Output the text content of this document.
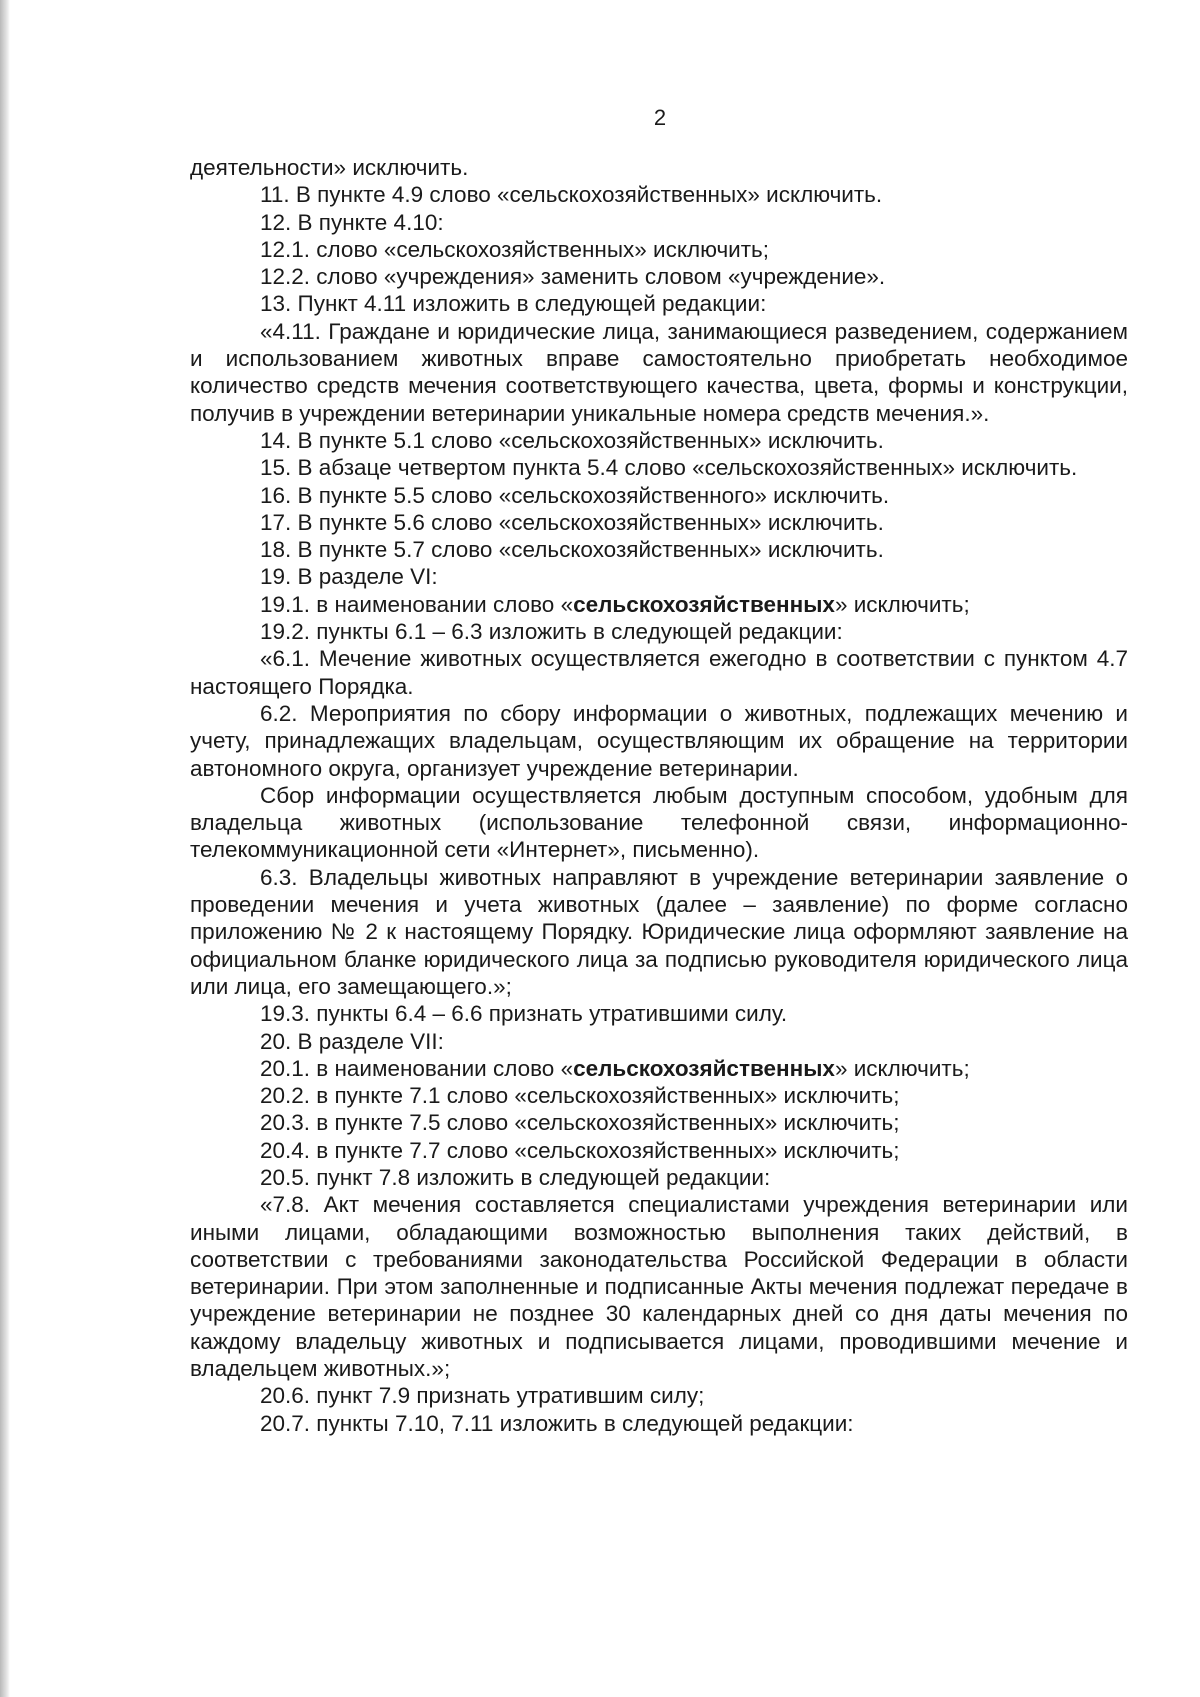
2

деятельности» исключить.

11. В пункте 4.9 слово «сельскохозяйственных» исключить.

12. В пункте 4.10:

12.1. слово «сельскохозяйственных» исключить;

12.2. слово «учреждения» заменить словом «учреждение».

13. Пункт 4.11 изложить в следующей редакции:

«4.11. Граждане и юридические лица, занимающиеся разведением, содержанием и использованием животных вправе самостоятельно приобретать необходимое количество средств мечения соответствующего качества, цвета, формы и конструкции, получив в учреждении ветеринарии уникальные номера средств мечения.».

14. В пункте 5.1 слово «сельскохозяйственных» исключить.

15. В абзаце четвертом пункта 5.4 слово «сельскохозяйственных» исключить.

16. В пункте 5.5 слово «сельскохозяйственного» исключить.

17. В пункте 5.6 слово «сельскохозяйственных» исключить.

18. В пункте 5.7 слово «сельскохозяйственных» исключить.

19. В разделе VI:

19.1. в наименовании слово «сельскохозяйственных» исключить;

19.2. пункты 6.1 – 6.3 изложить в следующей редакции:

«6.1. Мечение животных осуществляется ежегодно в соответствии с пунктом 4.7 настоящего Порядка.

6.2. Мероприятия по сбору информации о животных, подлежащих мечению и учету, принадлежащих владельцам, осуществляющим их обращение на территории автономного округа, организует учреждение ветеринарии.

Сбор информации осуществляется любым доступным способом, удобным для владельца животных (использование телефонной связи, информационно-телекоммуникационной сети «Интернет», письменно).

6.3. Владельцы животных направляют в учреждение ветеринарии заявление о проведении мечения и учета животных (далее – заявление) по форме согласно приложению № 2 к настоящему Порядку. Юридические лица оформляют заявление на официальном бланке юридического лица за подписью руководителя юридического лица или лица, его замещающего.»;

19.3. пункты 6.4 – 6.6 признать утратившими силу.

20. В разделе VII:

20.1. в наименовании слово «сельскохозяйственных» исключить;

20.2. в пункте 7.1 слово «сельскохозяйственных» исключить;

20.3. в пункте 7.5 слово «сельскохозяйственных» исключить;

20.4. в пункте 7.7 слово «сельскохозяйственных» исключить;

20.5. пункт 7.8 изложить в следующей редакции:

«7.8. Акт мечения составляется специалистами учреждения ветеринарии или иными лицами, обладающими возможностью выполнения таких действий, в соответствии с требованиями законодательства Российской Федерации в области ветеринарии. При этом заполненные и подписанные Акты мечения подлежат передаче в учреждение ветеринарии не позднее 30 календарных дней со дня даты мечения по каждому владельцу животных и подписывается лицами, проводившими мечение и владельцем животных.»;

20.6. пункт 7.9 признать утратившим силу;

20.7. пункты 7.10, 7.11 изложить в следующей редакции:
